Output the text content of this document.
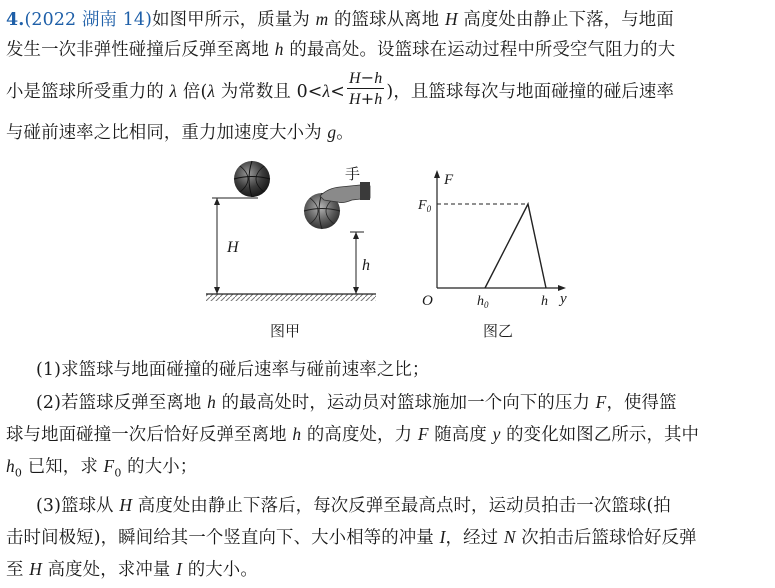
4.(2022 湖南 14)如图甲所示，质量为 m 的篮球从离地 H 高度处由静止下落，与地面
发生一次非弹性碰撞后反弹至离地 h 的最高处。设篮球在运动过程中所受空气阻力的大
小是篮球所受重力的 λ 倍(λ 为常数且 $0<\lambda< \frac{H-h}{H+h}$ )，且篮球每次与地面碰撞的碰后速率
与碰前速率之比相同，重力加速度大小为 g。
H
手
h
图甲
F
y
O
$F_0$
$h_0$	h
图乙
(1)求篮球与地面碰撞的碰后速率与碰前速率之比；
(2)若篮球反弹至离地 h 的最高处时，运动员对篮球施加一个向下的压力 F，使得篮
球与地面碰撞一次后恰好反弹至离地 h 的高度处，力 F 随高度 y 的变化如图乙所示，其中
$h_0$ 已知，求 $F_0$ 的大小；
(3)篮球从 H 高度处由静止下落后，每次反弹至最高点时，运动员拍击一次篮球(拍
击时间极短)，瞬间给其一个竖直向下、大小相等的冲量 I，经过 N 次拍击后篮球恰好反弹
至 H 高度处，求冲量 I 的大小。
